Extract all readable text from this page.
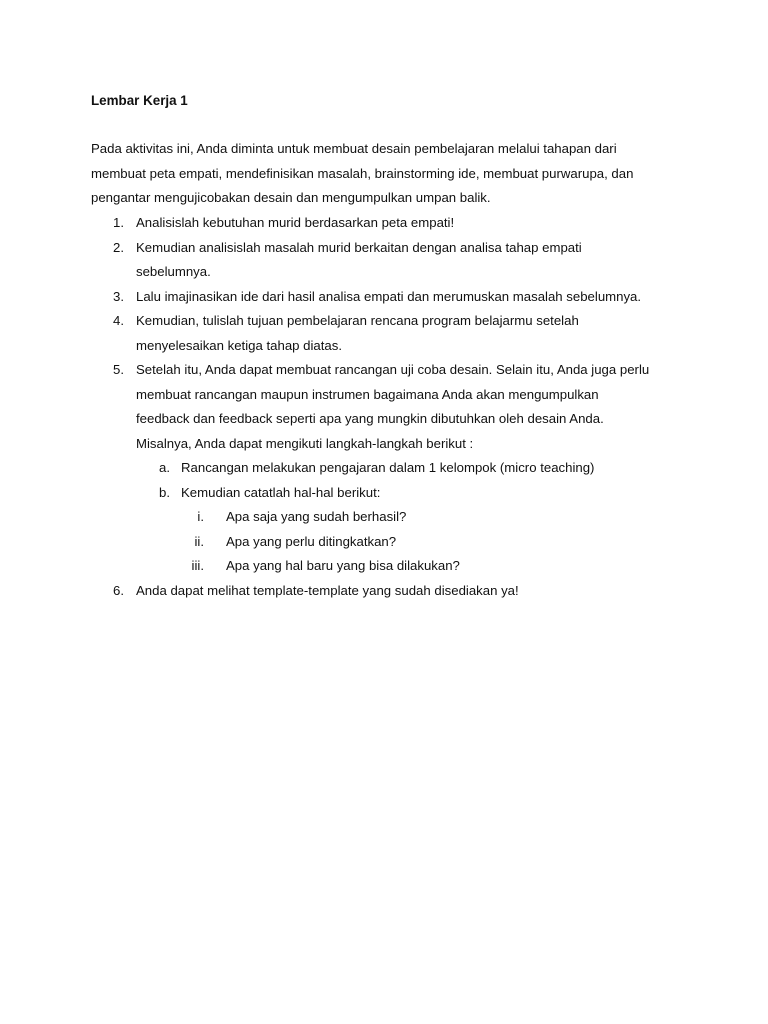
Lembar Kerja 1
Pada aktivitas ini, Anda diminta untuk membuat desain pembelajaran melalui tahapan dari
membuat peta empati, mendefinisikan masalah, brainstorming ide, membuat purwarupa, dan
pengantar mengujicobakan desain dan mengumpulkan umpan balik.
1. Analisislah kebutuhan murid berdasarkan peta empati!
2. Kemudian analisislah masalah murid berkaitan dengan analisa tahap empati
sebelumnya.
3. Lalu imajinasikan ide dari hasil analisa empati dan merumuskan masalah sebelumnya.
4. Kemudian, tulislah tujuan pembelajaran rencana program belajarmu setelah
menyelesaikan ketiga tahap diatas.
5. Setelah itu, Anda dapat membuat rancangan uji coba desain. Selain itu, Anda juga perlu
membuat rancangan maupun instrumen bagaimana Anda akan mengumpulkan
feedback dan feedback seperti apa yang mungkin dibutuhkan oleh desain Anda.
Misalnya, Anda dapat mengikuti langkah-langkah berikut :
a. Rancangan melakukan pengajaran dalam 1 kelompok (micro teaching)
b. Kemudian catatlah hal-hal berikut:
i. Apa saja yang sudah berhasil?
ii. Apa yang perlu ditingkatkan?
iii. Apa yang hal baru yang bisa dilakukan?
6. Anda dapat melihat template-template yang sudah disediakan ya!
